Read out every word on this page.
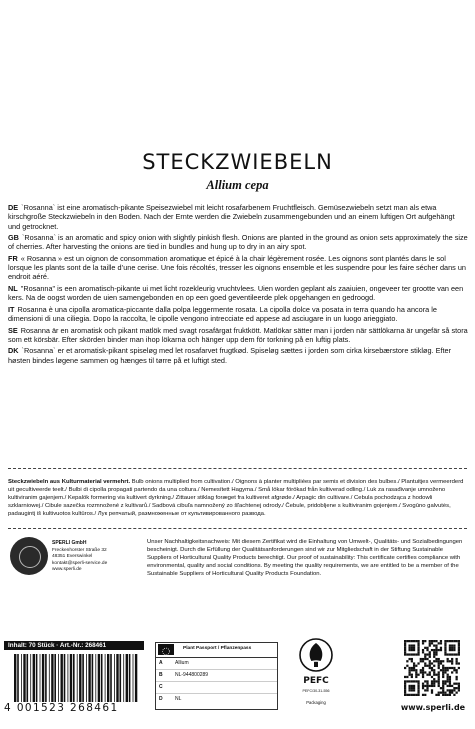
STECKZWIEBELN
Allium cepa
DE `Rosanna` ist eine aromatisch-pikante Speisezwiebel mit leicht rosafarbenem Fruchtfleisch. Gemüsezwiebeln setzt man als etwa kirschgroße Steckzwiebeln in den Boden. Nach der Ernte werden die Zwiebeln zusammengebunden und an einem luftigen Ort aufgehängt und getrocknet.
GB `Rosanna` is an aromatic and spicy onion with slightly pinkish flesh. Onions are planted in the ground as onion sets approximately the size of cherries. After harvesting the onions are tied in bundles and hung up to dry in an airy spot.
FR « Rosanna » est un oignon de consommation aromatique et épicé à la chair légèrement rosée. Les oignons sont plantés dans le sol lorsque les plants sont de la taille d’une cerise. Une fois récoltés, tresser les oignons ensemble et les suspendre pour les faire sécher dans un endroit aéré.
NL "Rosanna" is een aromatisch-pikante ui met licht rozekleurig vruchtvlees. Uien worden geplant als zaaiuien, ongeveer ter grootte van een kers. Na de oogst worden de uien samengebonden en op een goed geventileerde plek opgehangen en gedroogd.
IT Rosanna è una cipolla aromatica-piccante dalla polpa leggermente rosata. La cipolla dolce va posata in terra quando ha ancora le dimensioni di una ciliegia. Dopo la raccolta, le cipolle vengono intrecciate ed appese ad asciugare in un luogo arieggiato.
SE Rosanna är en aromatisk och pikant matlök med svagt rosafärgat fruktkött. Matlökar sätter man i jorden när sättlökarna är ungefär så stora som ett körsbär. Efter skörden binder man ihop lökarna och hänger upp dem för torkning på en luftig plats.
DK `Rosanna` er et aromatisk-pikant spiseløg med let rosafarvet frugtkød. Spiseløg sættes i jorden som cirka kirsebærstore stikløg. Efter høsten bindes løgene sammen og hænges til tørre på et luftigt sted.
Steckzwiebeln aus Kulturmaterial vermehrt. Bulb onions multiplied from cultivation./ Oignons à planter multipliées par semis et division des bulbes./ Plantuitjes vermeerderd uit gecultiveerde teelt./ Bulbi di cipolla propagati partendo da una coltura./ Nemesített Hagyma./ Små lökar förökad från kultiverad odling./ Luk za rasađivanje umnoženo kultiviranim gajenjem./ Kepalök formering via kultivert dyrkning./ Zittauer stiklag foræget fra kultiveret afgrøde./ Arpagic din cultivare./ Cebula pochodząca z hodowli szklarniowej./ Cibule sazečka rozmnožené z kultivarů./ Sadbová cibuľa namnožený zo šľachtenej odrody./ Čebule, pridobljene s kultiviranim gojenjem./ Svogūno galvutės, padaugintį iš kultivuotos kultūros./ Лук репчатый, размноженные от культивированного развода.
SPERLI GmbH
Freckenhorster Straße 32
48351 Everswinkel
kontakt@sperli-service.de
www.sperli.de
Unser Nachhaltigkeitsnachweis: Mit diesem Zertifikat wird die Einhaltung von Umwelt-, Qualitäts- und Sozialbedingungen bescheinigt. Durch die Erfüllung der Qualitätsanforderungen sind wir zur Mitgliedschaft in der Stiftung Sustainable Suppliers of Horticultural Quality Products berechtigt. Our proof of sustainability: This certificate certifies compliance with environmental, quality and social conditions. By meeting the quality requirements, we are entitled to be a member of the Sustainable Suppliers of Horticultural Quality Products Foundation.
Inhalt: 70 Stück · Art.-Nr.: 268461
4 001523 268461
Plant Passport / Pflanzenpass
A Allium
B NL-944800289
C
D NL
PEFC
PEFC/30-31-556
Packaging
www.sperli.de
